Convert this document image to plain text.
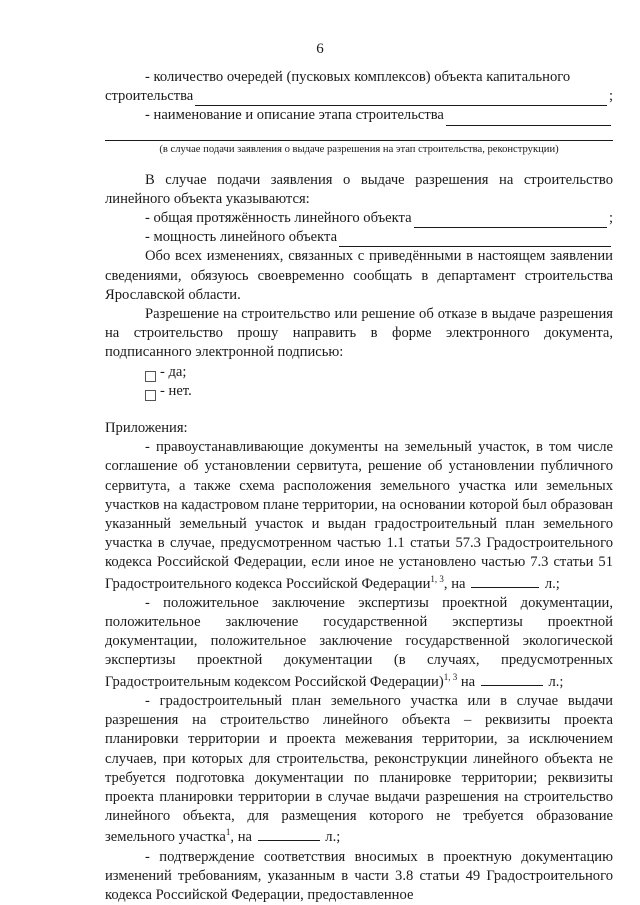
6

- количество очередей (пусковых комплексов) объекта капитального

строительства	;
- наименование и описание этапа строительства
(в случае подачи заявления о выдаче разрешения на этап строительства, реконструкции)

В случае подачи заявления о выдаче разрешения на строительство линейного объекта указываются:

- общая протяжённость линейного объекта	;
- мощность линейного объекта

Обо всех изменениях, связанных с приведёнными в настоящем заявлении сведениями, обязуюсь своевременно сообщать в департамент строительства Ярославской области.

Разрешение на строительство или решение об отказе в выдаче разрешения на строительство прошу направить в форме электронного документа, подписанного электронной подписью:

- да;
- нет.

Приложения:

- правоустанавливающие документы на земельный участок, в том числе соглашение об установлении сервитута, решение об установлении публичного сервитута, а также схема расположения земельного участка или земельных участков на кадастровом плане территории, на основании которой был образован указанный земельный участок и выдан градостроительный план земельного участка в случае, предусмотренном частью 1.1 статьи 57.3 Градостроительного кодекса Российской Федерации, если иное не установлено частью 7.3 статьи 51 Градостроительного кодекса Российской Федерации$^{1, 3}$, на	л.;

- положительное заключение экспертизы проектной документации, положительное заключение государственной экспертизы проектной документации, положительное заключение государственной экологической экспертизы проектной документации (в случаях, предусмотренных Градостроительным кодексом Российской Федерации)$^{1, 3}$ на	л.;

- градостроительный план земельного участка или в случае выдачи разрешения на строительство линейного объекта – реквизиты проекта планировки территории и проекта межевания территории, за исключением случаев, при которых для строительства, реконструкции линейного объекта не требуется подготовка документации по планировке территории; реквизиты проекта планировки территории в случае выдачи разрешения на строительство линейного объекта, для размещения которого не требуется образование земельного участка$^1$, на	л.;

- подтверждение соответствия вносимых в проектную документацию изменений требованиям, указанным в части 3.8 статьи 49 Градостроительного кодекса Российской Федерации, предоставленное
